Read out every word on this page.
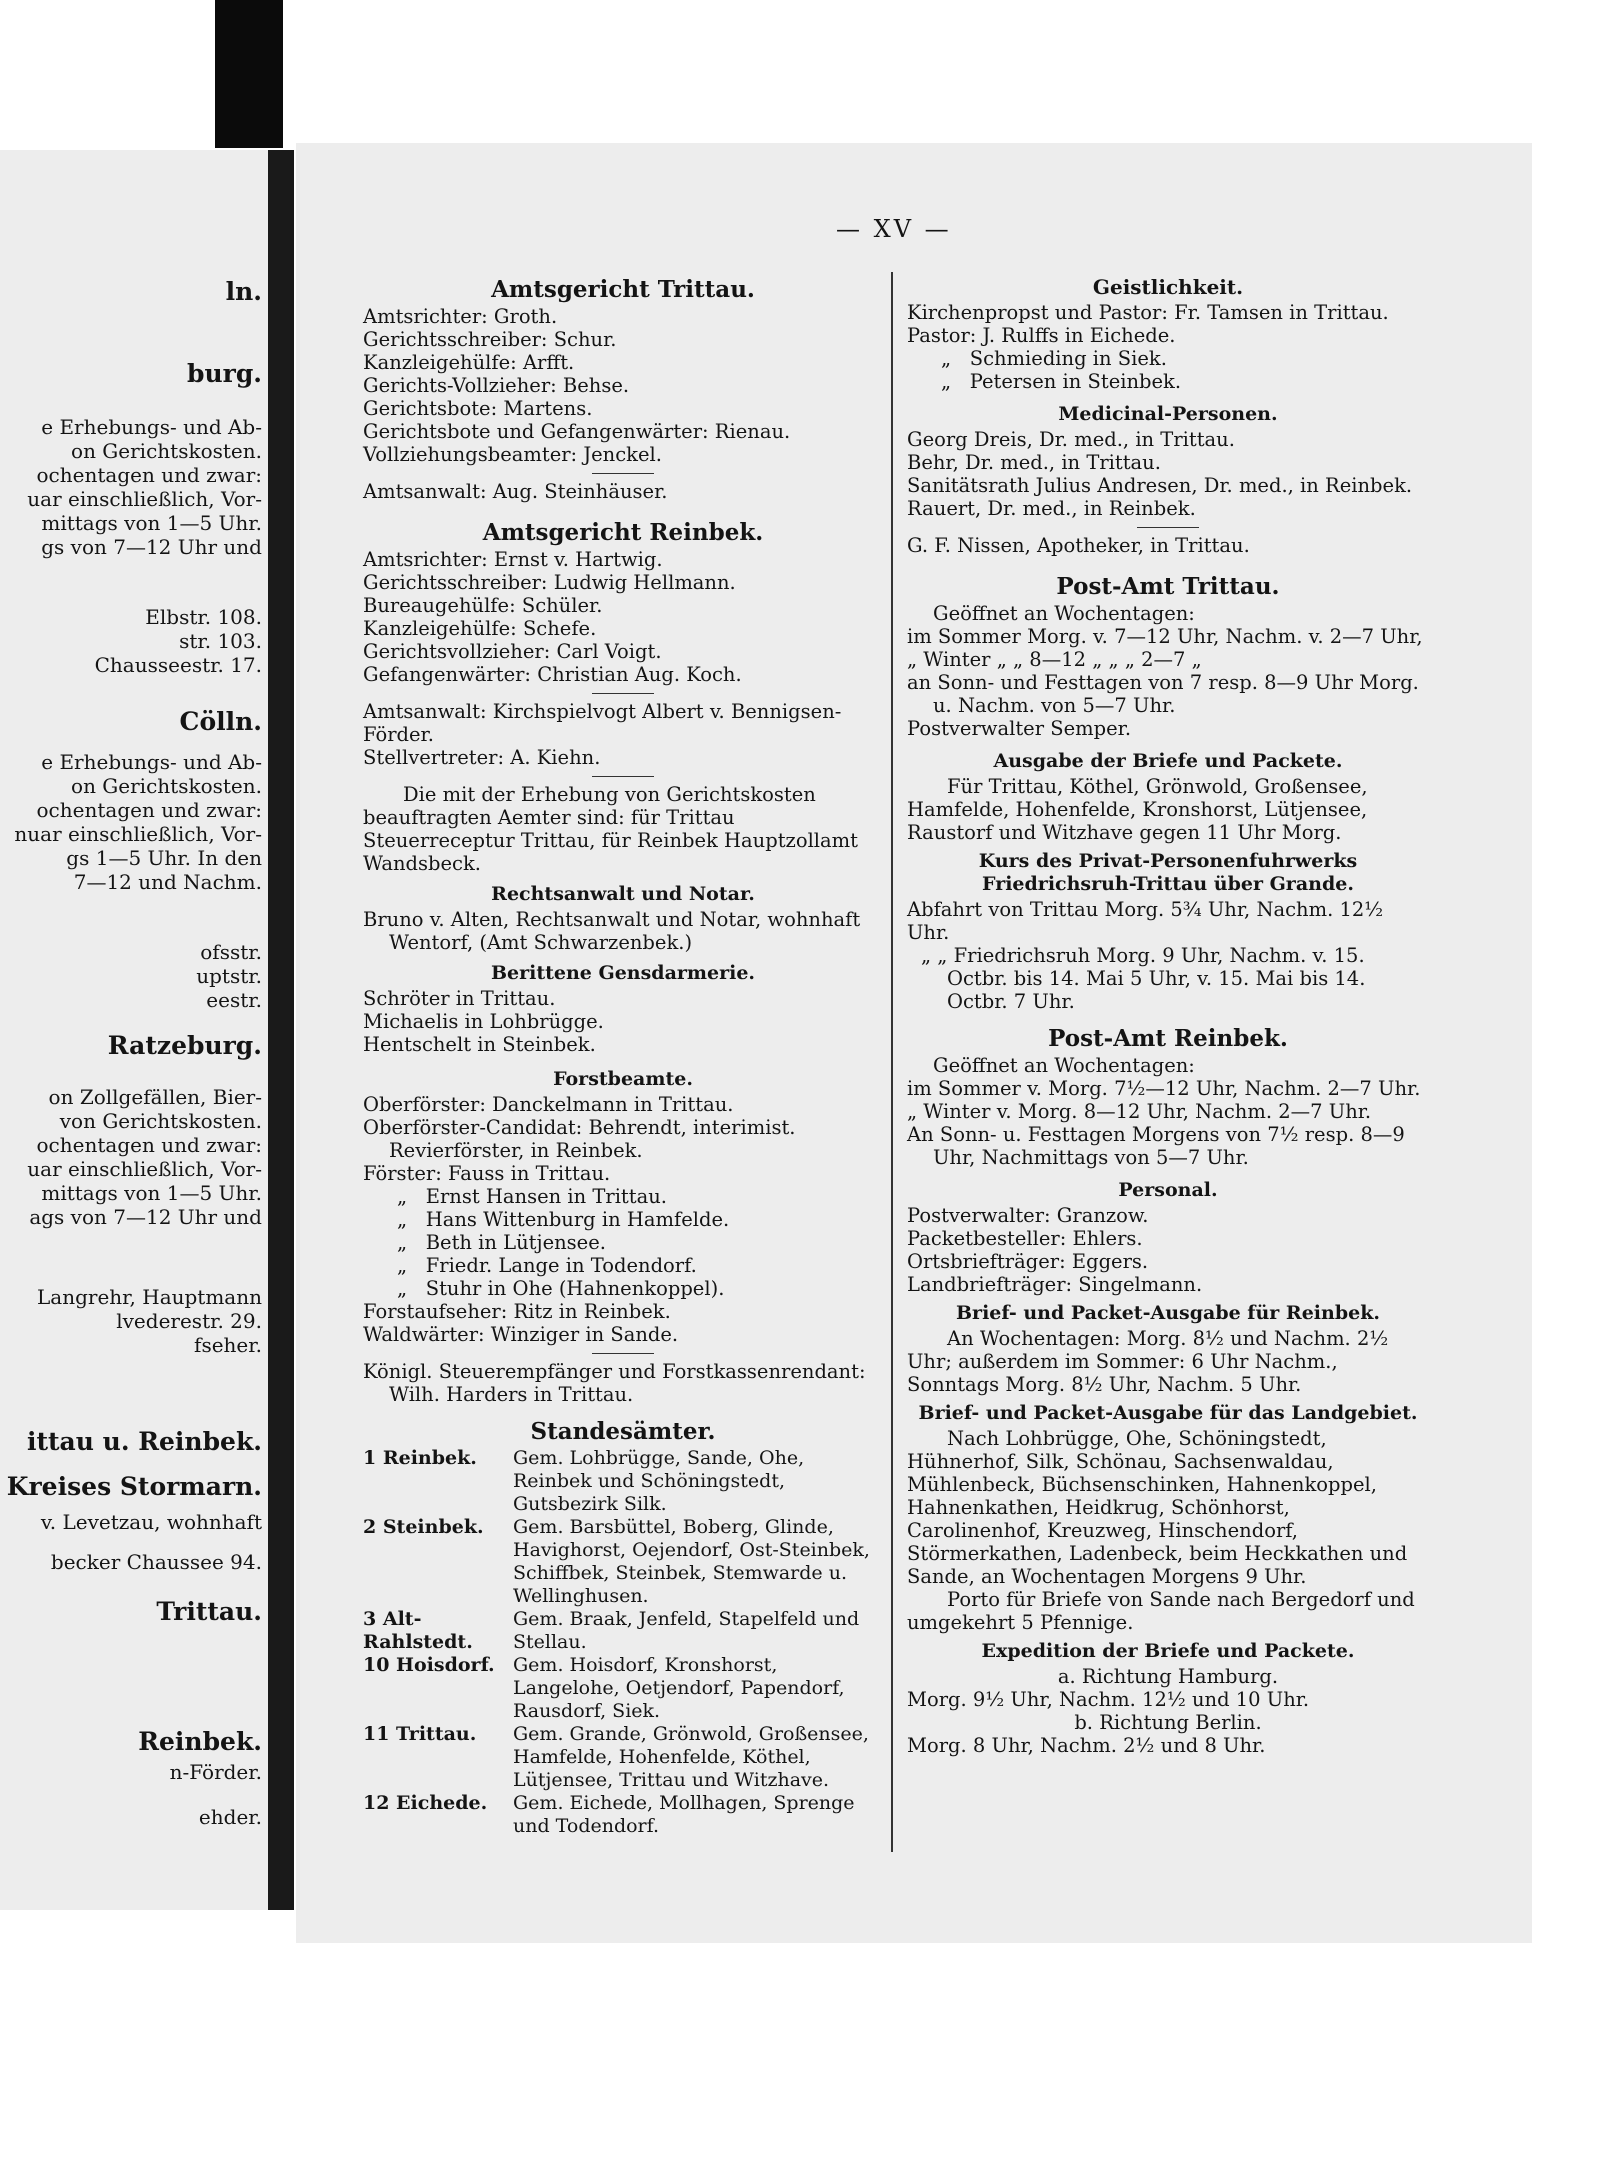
ln.
burg.
e Erhebungs- und Ab-
on Gerichtskosten.
ochentagen und zwar:
uar einschließlich, Vor-
mittags von 1—5 Uhr.
gs von 7—12 Uhr und
Elbstr. 108.
str. 103.
Chausseestr. 17.
Cölln.
e Erhebungs- und Ab-
on Gerichtskosten.
ochentagen und zwar:
nuar einschließlich, Vor-
gs 1—5 Uhr. In den
7—12 und Nachm.
ofsstr.
uptstr.
eestr.
Ratzeburg.
on Zollgefällen, Bier-
von Gerichtskosten.
ochentagen und zwar:
uar einschließlich, Vor-
mittags von 1—5 Uhr.
ags von 7—12 Uhr und
Langrehr, Hauptmann
lvederestr. 29.
fseher.
ittau u. Reinbek.
Kreises Stormarn.
v. Levetzau, wohnhaft
becker Chaussee 94.
Trittau.
Reinbek.
n-Förder.
ehder.
— XV —
Amtsgericht Trittau.

Amtsrichter: Groth.

Gerichtsschreiber: Schur.

Kanzleigehülfe: Arfft.

Gerichts-Vollzieher: Behse.

Gerichtsbote: Martens.

Gerichtsbote und Gefangenwärter: Rienau.

Vollziehungsbeamter: Jenckel.

Amtsanwalt: Aug. Steinhäuser.

Amtsgericht Reinbek.

Amtsrichter: Ernst v. Hartwig.

Gerichtsschreiber: Ludwig Hellmann.

Bureaugehülfe: Schüler.

Kanzleigehülfe: Schefe.

Gerichtsvollzieher: Carl Voigt.

Gefangenwärter: Christian Aug. Koch.

Amtsanwalt: Kirchspielvogt Albert v. Bennigsen-Förder.

Stellvertreter: A. Kiehn.

Die mit der Erhebung von Gerichtskosten beauftragten Aemter sind: für Trittau Steuerreceptur Trittau, für Reinbek Hauptzollamt Wandsbeck.

Rechtsanwalt und Notar.

Bruno v. Alten, Rechtsanwalt und Notar, wohnhaft Wentorf, (Amt Schwarzenbek.)

Berittene Gensdarmerie.

Schröter in Trittau.

Michaelis in Lohbrügge.

Hentschelt in Steinbek.

Forstbeamte.

Oberförster: Danckelmann in Trittau.

Oberförster-Candidat: Behrendt, interimist. Revierförster, in Reinbek.

Förster: Fauss in Trittau.

„ Ernst Hansen in Trittau.

„ Hans Wittenburg in Hamfelde.

„ Beth in Lütjensee.

„ Friedr. Lange in Todendorf.

„ Stuhr in Ohe (Hahnenkoppel).

Forstaufseher: Ritz in Reinbek.

Waldwärter: Winziger in Sande.

Königl. Steuerempfänger und Forstkassenrendant: Wilh. Harders in Trittau.

Standesämter.
1 Reinbek.	Gem. Lohbrügge, Sande, Ohe, Reinbek und Schöningstedt, Gutsbezirk Silk.
2 Steinbek.	Gem. Barsbüttel, Boberg, Glinde, Havighorst, Oejendorf, Ost-Steinbek, Schiffbek, Steinbek, Stemwarde u. Wellinghusen.
3 Alt-Rahlstedt.	Gem. Braak, Jenfeld, Stapelfeld und Stellau.
10 Hoisdorf.	Gem. Hoisdorf, Kronshorst, Langelohe, Oetjendorf, Papendorf, Rausdorf, Siek.
11 Trittau.	Gem. Grande, Grönwold, Großensee, Hamfelde, Hohenfelde, Köthel, Lütjensee, Trittau und Witzhave.
12 Eichede.	Gem. Eichede, Mollhagen, Sprenge und Todendorf.
Geistlichkeit.

Kirchenpropst und Pastor: Fr. Tamsen in Trittau.

Pastor: J. Rulffs in Eichede.

„ Schmieding in Siek.

„ Petersen in Steinbek.

Medicinal-Personen.

Georg Dreis, Dr. med., in Trittau.

Behr, Dr. med., in Trittau.

Sanitätsrath Julius Andresen, Dr. med., in Reinbek.

Rauert, Dr. med., in Reinbek.

G. F. Nissen, Apotheker, in Trittau.

Post-Amt Trittau.

Geöffnet an Wochentagen:

im Sommer Morg. v. 7—12 Uhr, Nachm. v. 2—7 Uhr,

„ Winter „ „ 8—12 „ „ „ 2—7 „

an Sonn- und Festtagen von 7 resp. 8—9 Uhr Morg. u. Nachm. von 5—7 Uhr.

Postverwalter Semper.

Ausgabe der Briefe und Packete.

Für Trittau, Köthel, Grönwold, Großensee, Hamfelde, Hohenfelde, Kronshorst, Lütjensee, Raustorf und Witzhave gegen 11 Uhr Morg.

Kurs des Privat-Personenfuhrwerks Friedrichsruh-Trittau über Grande.

Abfahrt von Trittau Morg. 5¾ Uhr, Nachm. 12½ Uhr.

„ „ Friedrichsruh Morg. 9 Uhr, Nachm. v. 15. Octbr. bis 14. Mai 5 Uhr, v. 15. Mai bis 14. Octbr. 7 Uhr.

Post-Amt Reinbek.

Geöffnet an Wochentagen:

im Sommer v. Morg. 7½—12 Uhr, Nachm. 2—7 Uhr.

„ Winter v. Morg. 8—12 Uhr, Nachm. 2—7 Uhr.

An Sonn- u. Festtagen Morgens von 7½ resp. 8—9 Uhr, Nachmittags von 5—7 Uhr.

Personal.

Postverwalter: Granzow.

Packetbesteller: Ehlers.

Ortsbriefträger: Eggers.

Landbriefträger: Singelmann.

Brief- und Packet-Ausgabe für Reinbek.

An Wochentagen: Morg. 8½ und Nachm. 2½ Uhr; außerdem im Sommer: 6 Uhr Nachm., Sonntags Morg. 8½ Uhr, Nachm. 5 Uhr.

Brief- und Packet-Ausgabe für das Landgebiet.

Nach Lohbrügge, Ohe, Schöningstedt, Hühnerhof, Silk, Schönau, Sachsenwaldau, Mühlenbeck, Büchsenschinken, Hahnenkoppel, Hahnenkathen, Heidkrug, Schönhorst, Carolinenhof, Kreuzweg, Hinschendorf, Störmerkathen, Ladenbeck, beim Heckkathen und Sande, an Wochentagen Morgens 9 Uhr.

Porto für Briefe von Sande nach Bergedorf und umgekehrt 5 Pfennige.

Expedition der Briefe und Packete.

a. Richtung Hamburg.

Morg. 9½ Uhr, Nachm. 12½ und 10 Uhr.

b. Richtung Berlin.

Morg. 8 Uhr, Nachm. 2½ und 8 Uhr.
